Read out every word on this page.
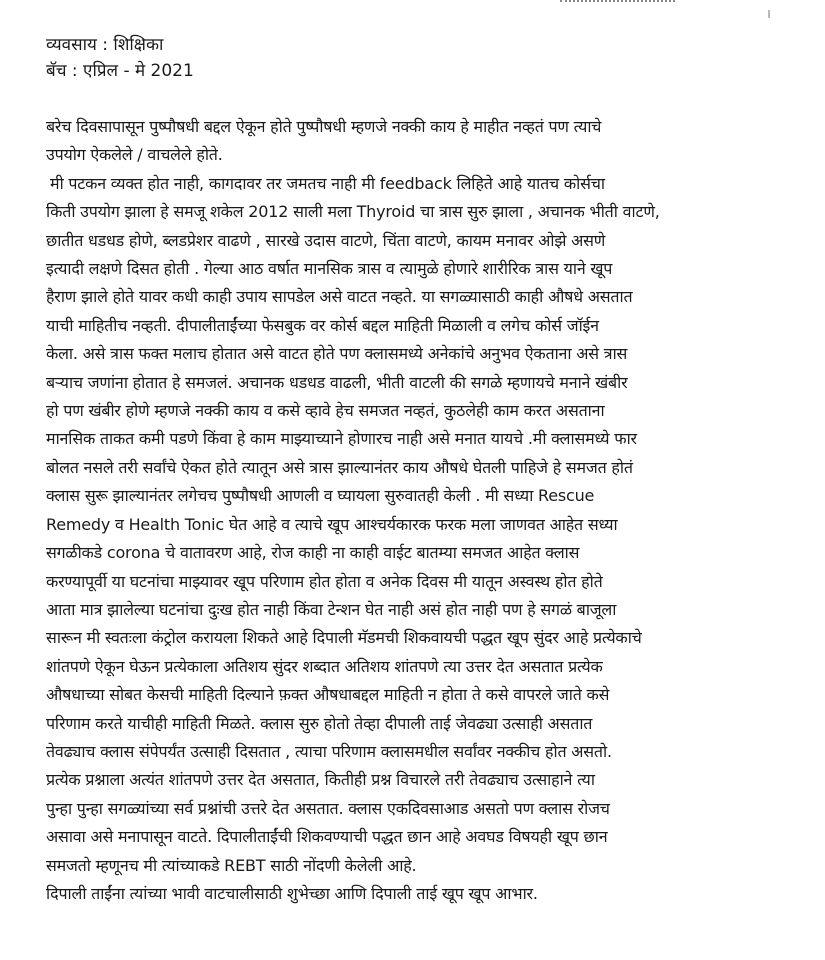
व्यवसाय : शिक्षिका
बॅच : एप्रिल - मे 2021
बरेच दिवसापासून पुष्पौषधी बद्दल ऐकून होते पुष्पौषधी म्हणजे नक्की काय हे माहीत नव्हतं पण त्याचे
उपयोग ऐकलेले / वाचलेले होते.
मी पटकन व्यक्त होत नाही, कागदावर तर जमतच नाही मी feedback लिहिते आहे यातच कोर्सचा
किती उपयोग झाला हे समजू शकेल 2012 साली मला Thyroid चा त्रास सुरु झाला , अचानक भीती वाटणे,
छातीत धडधड होणे, ब्लडप्रेशर वाढणे , सारखे उदास वाटणे, चिंता वाटणे, कायम मनावर ओझे असणे
इत्यादी लक्षणे दिसत होती . गेल्या आठ वर्षात मानसिक त्रास व त्यामुळे होणारे शारीरिक त्रास याने खूप
हैराण झाले होते यावर कधी काही उपाय सापडेल असे वाटत नव्हते. या सगळ्यासाठी काही औषधे असतात
याची माहितीच नव्हती. दीपालीताईंच्या फेसबुक वर कोर्स बद्दल माहिती मिळाली व लगेच कोर्स जॉईन
केला. असे त्रास फक्त मलाच होतात असे वाटत होते पण क्लासमध्ये अनेकांचे अनुभव ऐकताना असे त्रास
बऱ्याच जणांना होतात हे समजलं. अचानक धडधड वाढली, भीती वाटली की सगळे म्हणायचे मनाने खंबीर
हो पण खंबीर होणे म्हणजे नक्की काय व कसे व्हावे हेच समजत नव्हतं, कुठलेही काम करत असताना
मानसिक ताकत कमी पडणे किंवा हे काम माझ्याच्याने होणारच नाही असे मनात यायचे .मी क्लासमध्ये फार
बोलत नसले तरी सर्वांचे ऐकत होते त्यातून असे त्रास झाल्यानंतर काय औषधे घेतली पाहिजे हे समजत होतं
क्लास सुरू झाल्यानंतर लगेचच पुष्पौषधी आणली व घ्यायला सुरुवातही केली . मी सध्या Rescue
Remedy व Health Tonic घेत आहे व त्याचे खूप आश्चर्यकारक फरक मला जाणवत आहेत सध्या
सगळीकडे corona चे वातावरण आहे, रोज काही ना काही वाईट बातम्या समजत आहेत क्लास
करण्यापूर्वी या घटनांचा माझ्यावर खूप परिणाम होत होता व अनेक दिवस मी यातून अस्वस्थ होत होते
आता मात्र झालेल्या घटनांचा दुःख होत नाही किंवा टेन्शन घेत नाही असं होत नाही पण हे सगळं बाजूला
सारून मी स्वतःला कंट्रोल करायला शिकते आहे दिपाली मॅडमची शिकवायची पद्धत खूप सुंदर आहे प्रत्येकाचे
शांतपणे ऐकून घेऊन प्रत्येकाला अतिशय सुंदर शब्दात अतिशय शांतपणे त्या उत्तर देत असतात प्रत्येक
औषधाच्या सोबत केसची माहिती दिल्याने फ़क्त औषधाबद्दल माहिती न होता ते कसे वापरले जाते कसे
परिणाम करते याचीही माहिती मिळते. क्लास सुरु होतो तेव्हा दीपाली ताई जेवढ्या उत्साही असतात
तेवढ्याच क्लास संपेपर्यंत उत्साही दिसतात , त्याचा परिणाम क्लासमधील सर्वांवर नक्कीच होत असतो.
प्रत्येक प्रश्नाला अत्यंत शांतपणे उत्तर देत असतात, कितीही प्रश्न विचारले तरी तेवढ्याच उत्साहाने त्या
पुन्हा पुन्हा सगळ्यांच्या सर्व प्रश्नांची उत्तरे देत असतात. क्लास एकदिवसाआड असतो पण क्लास रोजच
असावा असे मनापासून वाटते. दिपालीताईंची शिकवण्याची पद्धत छान आहे अवघड विषयही खूप छान
समजतो म्हणूनच मी त्यांच्याकडे REBT साठी नोंदणी केलेली आहे.
दिपाली ताईंना त्यांच्या भावी वाटचालीसाठी शुभेच्छा आणि दिपाली ताई खूप खूप आभार.
